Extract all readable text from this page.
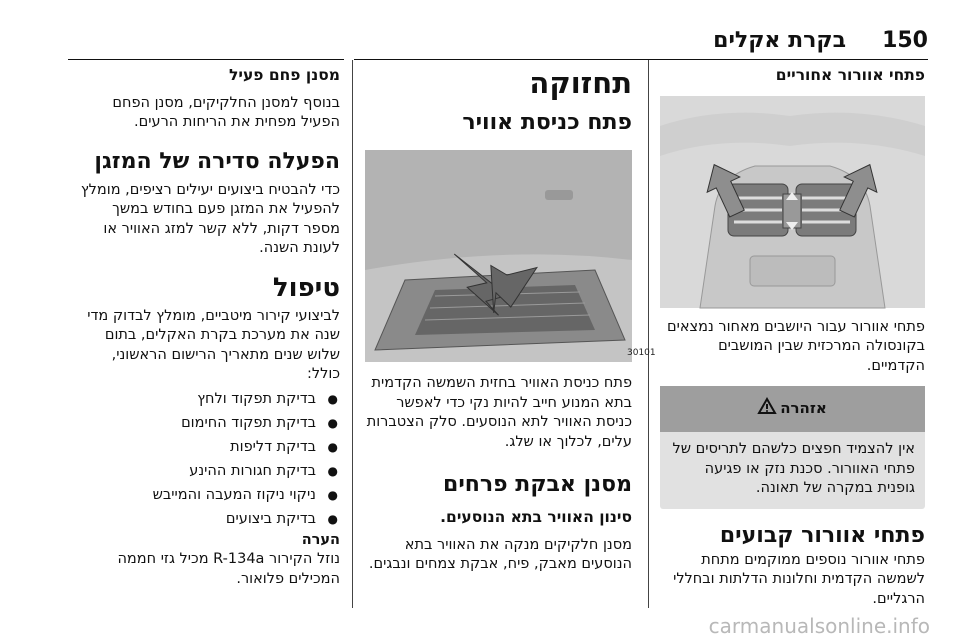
150
בקרת אקלים

פתחי אוורור אחוריים

פתחי אוורור עבור היושבים מאחור נמצאים בקונסולה המרכזית שבין המושבים הקדמיים.

אזהרה
אין להצמיד חפצים כלשהם לתריסים של פתחי האוורור. סכנת נזק או פגיעה גופנית במקרה של תאונה.

פתחי אוורור קבועים

פתחי אוורור נוספים ממוקמים מתחת לשמשה הקדמית וחלונות הדלתות ובחללי הרגליים.

תחזוקה

פתח כניסת אוויר

30101

פתח כניסת האוויר בחזית השמשה הקדמית בתא המנוע חייב להיות נקי כדי לאפשר כניסת האוויר לתא הנוסעים. סלק הצטברות עלים, לכלוך או שלג.

מסנן אבקת פרחים

סינון האוויר בתא הנוסעים.

מסנן חלקיקים מנקה את האוויר בתא הנוסעים מאבק, פיח, אבקת צמחים ונבגים.

מסנן פחם פעיל

בנוסף למסנן החלקיקים, מסנן הפחם הפעיל מפחית את הריחות הרעים.

הפעלה סדירה של המזגן

כדי להבטיח ביצועים יעילים רציפים, מומלץ להפעיל את המזגן פעם בחודש במשך מספר דקות, ללא קשר למזג האוויר או לעונת השנה.

טיפול

לביצועי קירור מיטביים, מומלץ לבדוק מדי שנה את מערכת בקרת האקלים, בתום שלוש שנים מתאריך הרישום הראשוני, כולל:

● בדיקת תפקוד ולחץ
● בדיקת תפקוד החימום
● בדיקת דליפות
● בדיקת חגורות ההינע
● ניקוי ניקוז המעבה והמייבש
● בדיקת ביצועים

הערה

נוזל הקירור R-134a מכיל גזי חממה המכילים פלואור.

carmanualsonline.info
